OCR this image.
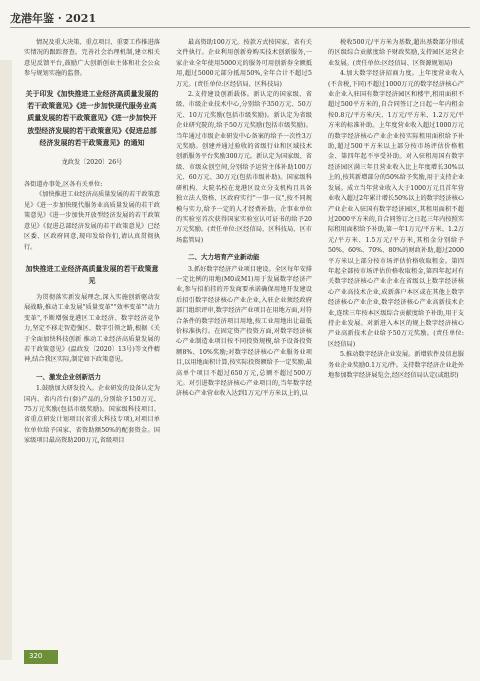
龙港年鉴 · 2021

情况及重大决策、重点项目、重要工作推进落实情况的跟踪督查。完善社会治理机制,建立相关意见反馈平台,鼓励广大创新创业主体和社会公众参与规划实施的监督。

关于印发《加快推进工业经济高质量发展的若干政策意见》《进一步加快现代服务业高质量发展的若干政策意见》《进一步加快开放型经济发展的若干政策意见》《促进总部经济发展的若干政策意见》的通知
龙政发〔2020〕26号

各街道办事处,区各有关单位:

《加快推进工业经济高质量发展的若干政策意见》《进一步加快现代服务业高质量发展的若干政策意见》《进一步加快开放型经济发展的若干政策意见》《促进总部经济发展的若干政策意见》已经区委、区政府同意,现印发给你们,请认真贯彻执行。

加快推进工业经济高质量发展的若干政策意见

为贯彻落实新发展理念,深入实施创新驱动发展战略,推动工业发展"质量变革""效率变革""动力变革",不断增强龙港区工业经济、数字经济竞争力,坚定不移走智造强区、数字引领之路,根据《关于全面加快科技创新 推动工业经济高质量发展的若干政策意见》(温政发〔2020〕13号)等文件精神,结合我区实际,制定如下政策意见。

一、激发企业创新活力

1.鼓励加大研发投入。企业研发的设备认定为国内、省内首台(套)产品的,分别给予150万元、75万元奖励(包括市级奖励)。国家级科技项目、省重点研发计划项目(省重大科技专项),对项目单位单位给予国家、省资助额50%的配套资金。国家级项目最高资助200万元,省级项目

最高资助100万元。按款方式按国家、省有关文件执行。企业利用创新券购买技术创新服务,一家企业全年使用5000元的服务可用创新券全额抵用,超过5000元部分抵用50%,全年合计不超过5万元。(责任单位:区经信局、区科技局)

2.支持建设创新载体。新认定的国家级、省级、市级企业技术中心,分别给予350万元、50万元、10万元奖励(包括市级奖励)。新认定为省级企业研究院的,给予50万元奖励(包括市级奖励)。当年通过市级企业研发中心备案的给予一次性3万元奖励。创建并通过验收的省级行业和区域技术创新服务平台奖励300万元。新认定为国家级、省级、市级众创空间,分别给予运营主体补助100万元、60万元、30万元(包括市级补助)。国家级科研机构、大院名校在龙港区设立分支机构且具备独立法人资格、区政府实行"一事一议",按不同规模与实力,给予一定的人才经费补助。企事业单位的实验室首次获得国家实验室认可证书的给予20万元奖励。(责任单位:区经信局、区科技局、区市场监管局)

二、大力培育产业新动能

3.抓好数字经济产业项目建设。全区每年安排一定比例的用地(M0或M1)用于发展数字经济产业,参与招拍挂的开发商要承诺确保用地开发建设后招引数字经济核心产业企业,入驻企业须经政府部门组织评审,数字经济产业项目在用地方面,对符合条件的数字经济项目用地,按工业用地出让最低价标准执行。在固定资产投资方面,对数字经济核心产业制造业项目按不同投资规模,给予设备投资额8%、10%奖励;对数字经济核心产业服务业项目,以用地面积计算,按实际投资额给予一定奖励,最高单个项目不超过650万元,总额不超过500万元。对引进数字经济核心产业项目的,当年数字经济核心产业营业收入达到1万元/平方米以上的,以

税收500元/平方米为基数,超出基数部分形成的区级综合贡献度给予财政奖励,支持园区运营企业发展。(责任单位:区经信局、区资源规划局)

4.加大数字经济招商力度。上年度营业收入(不含税,下同)不超过1000万元的数字经济核心产业企业入驻国有数字经济园区和楼宇,租用面积不超过500平方米的,自合同签订之日起一年内租金按0.8元/平方米/天、1万元/平方米、1.2万元/平方米的标准补助。上年度营业收入超过1000万元的数字经济核心产业企业按实际租用面积给予补助,超过500平方米以上部分按市场评估价格租金、第四年起不享受补助。对入驻租用国有数字经济园区满三年且营业收入比上年度增长30%以上的,按其新增部分的50%给予奖励,用于支持企业发展。成立当年营业收入大于1000万元且首年营业收入超过2年累计增长50%以上的数字经济核心产业企业入驻国有数字经济园区,其租用面积不超过2000平方米的,自合同签订之日起三年内按照实际租用面积给予补助,第一年1万元/平方米、1.2万元/平方米、1.5万元/平方米,其租金分别给予50%、60%、70%、80%的财政补助,超过2000平方米以上部分按市场评估价格收取租金。第四年起全部按市场评估价格收取租金,第四年起对有关数字经济核心产业企业在省级以上数字经济核心产业高技术企业,成新落户本区或在其他上数字经济核心产业企业,数字经济核心产业高新技术企业,连续三年按本区级综合贡献度给予补助,用于支持企业发展。对新进入本区的规上数字经济核心产业高新技术企业给予50万元奖励。(责任单位:区经信局)

5.推动数字经济企业发展。新增软件及信息服务业企业奖励0.1万元/件。支持数字经济企业赴外地参加数字经济展览会,经区经信局认定(或组织)

320
